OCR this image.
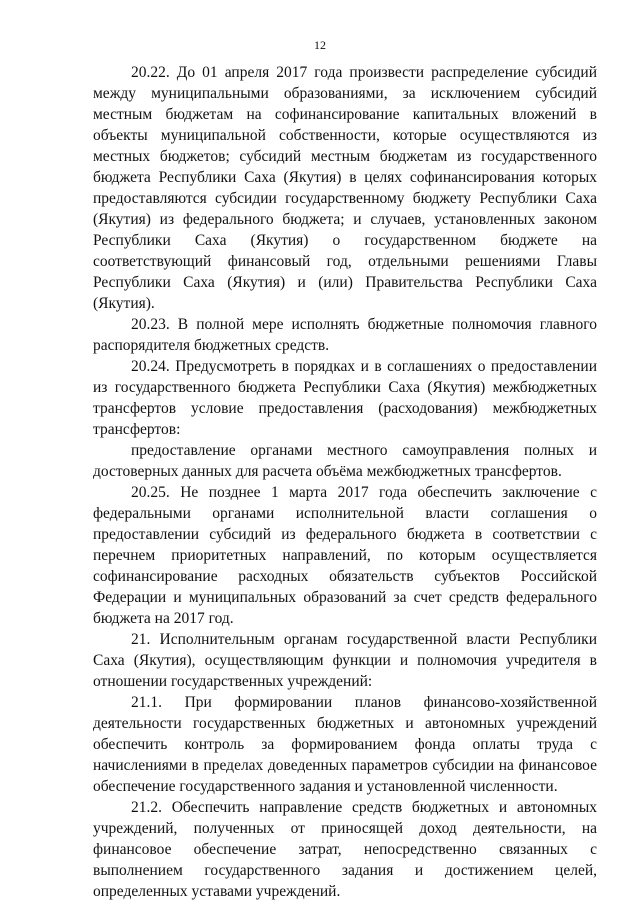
12

20.22. До 01 апреля 2017 года произвести распределение субсидий между муниципальными образованиями, за исключением субсидий местным бюджетам на софинансирование капитальных вложений в объекты муниципальной собственности, которые осуществляются из местных бюджетов; субсидий местным бюджетам из государственного бюджета Республики Саха (Якутия) в целях софинансирования которых предоставляются субсидии государственному бюджету Республики Саха (Якутия) из федерального бюджета; и случаев, установленных законом Республики Саха (Якутия) о государственном бюджете на соответствующий финансовый год, отдельными решениями Главы Республики Саха (Якутия) и (или) Правительства Республики Саха (Якутия).

20.23. В полной мере исполнять бюджетные полномочия главного распорядителя бюджетных средств.

20.24. Предусмотреть в порядках и в соглашениях о предоставлении из государственного бюджета Республики Саха (Якутия) межбюджетных трансфертов условие предоставления (расходования) межбюджетных трансфертов:

предоставление органами местного самоуправления полных и достоверных данных для расчета объёма межбюджетных трансфертов.

20.25. Не позднее 1 марта 2017 года обеспечить заключение с федеральными органами исполнительной власти соглашения о предоставлении субсидий из федерального бюджета в соответствии с перечнем приоритетных направлений, по которым осуществляется софинансирование расходных обязательств субъектов Российской Федерации и муниципальных образований за счет средств федерального бюджета на 2017 год.

21. Исполнительным органам государственной власти Республики Саха (Якутия), осуществляющим функции и полномочия учредителя в отношении государственных учреждений:

21.1. При формировании планов финансово-хозяйственной деятельности государственных бюджетных и автономных учреждений обеспечить контроль за формированием фонда оплаты труда с начислениями в пределах доведенных параметров субсидии на финансовое обеспечение государственного задания и установленной численности.

21.2. Обеспечить направление средств бюджетных и автономных учреждений, полученных от приносящей доход деятельности, на финансовое обеспечение затрат, непосредственно связанных с выполнением государственного задания и достижением целей, определенных уставами учреждений.
